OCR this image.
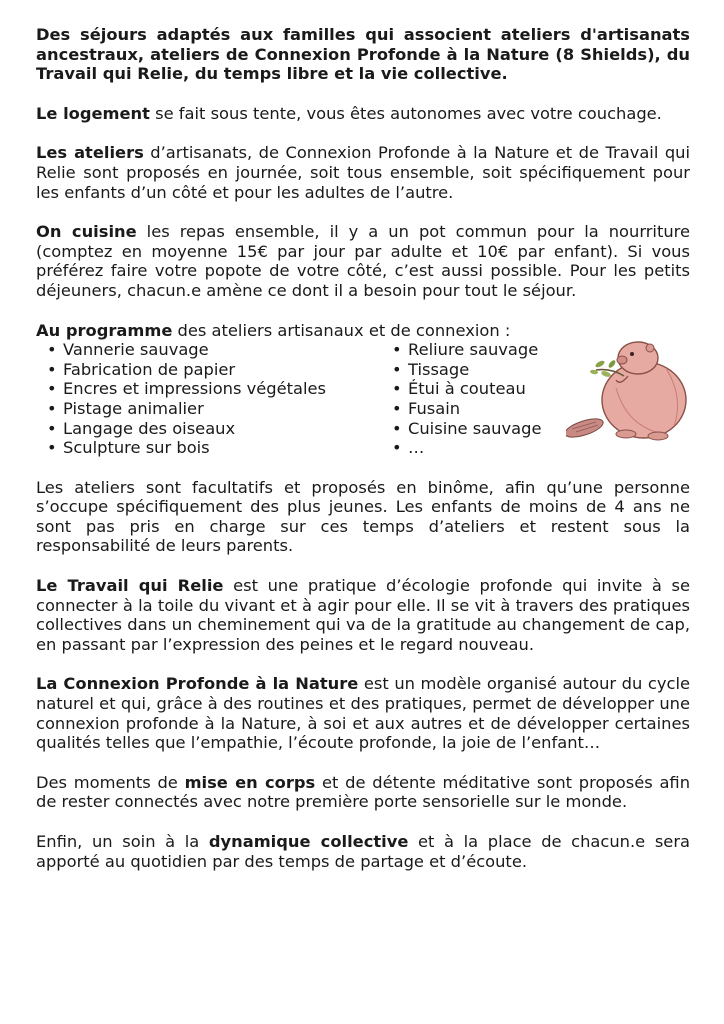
Des séjours adaptés aux familles qui associent ateliers d'artisanats ancestraux, ateliers de Connexion Profonde à la Nature (8 Shields), du Travail qui Relie, du temps libre et la vie collective.

Le logement se fait sous tente, vous êtes autonomes avec votre couchage.

Les ateliers d’artisanats, de Connexion Profonde à la Nature et de Travail qui Relie sont proposés en journée, soit tous ensemble, soit spécifiquement pour les enfants d’un côté et pour les adultes de l’autre.

On cuisine les repas ensemble, il y a un pot commun pour la nourriture (comptez en moyenne 15€ par jour par adulte et 10€ par enfant). Si vous préférez faire votre popote de votre côté, c’est aussi possible. Pour les petits déjeuners, chacun.e amène ce dont il a besoin pour tout le séjour.

Au programme des ateliers artisanaux et de connexion :

• Vannerie sauvage
• Fabrication de papier
• Encres et impressions végétales
• Pistage animalier
• Langage des oiseaux
• Sculpture sur bois
• Reliure sauvage
• Tissage
• Étui à couteau
• Fusain
• Cuisine sauvage
• …

Les ateliers sont facultatifs et proposés en binôme, afin qu’une personne s’occupe spécifiquement des plus jeunes. Les enfants de moins de 4 ans ne sont pas pris en charge sur ces temps d’ateliers et restent sous la responsabilité de leurs parents.

Le Travail qui Relie est une pratique d’écologie profonde qui invite à se connecter à la toile du vivant et à agir pour elle. Il se vit à travers des pratiques collectives dans un cheminement qui va de la gratitude au changement de cap, en passant par l’expression des peines et le regard nouveau.

La Connexion Profonde à la Nature est un modèle organisé autour du cycle naturel et qui, grâce à des routines et des pratiques, permet de développer une connexion profonde à la Nature, à soi et aux autres et de développer certaines qualités telles que l’empathie, l’écoute profonde, la joie de l’enfant…

Des moments de mise en corps et de détente méditative sont proposés afin de rester connectés avec notre première porte sensorielle sur le monde.

Enfin, un soin à la dynamique collective et à la place de chacun.e sera apporté au quotidien par des temps de partage et d’écoute.
